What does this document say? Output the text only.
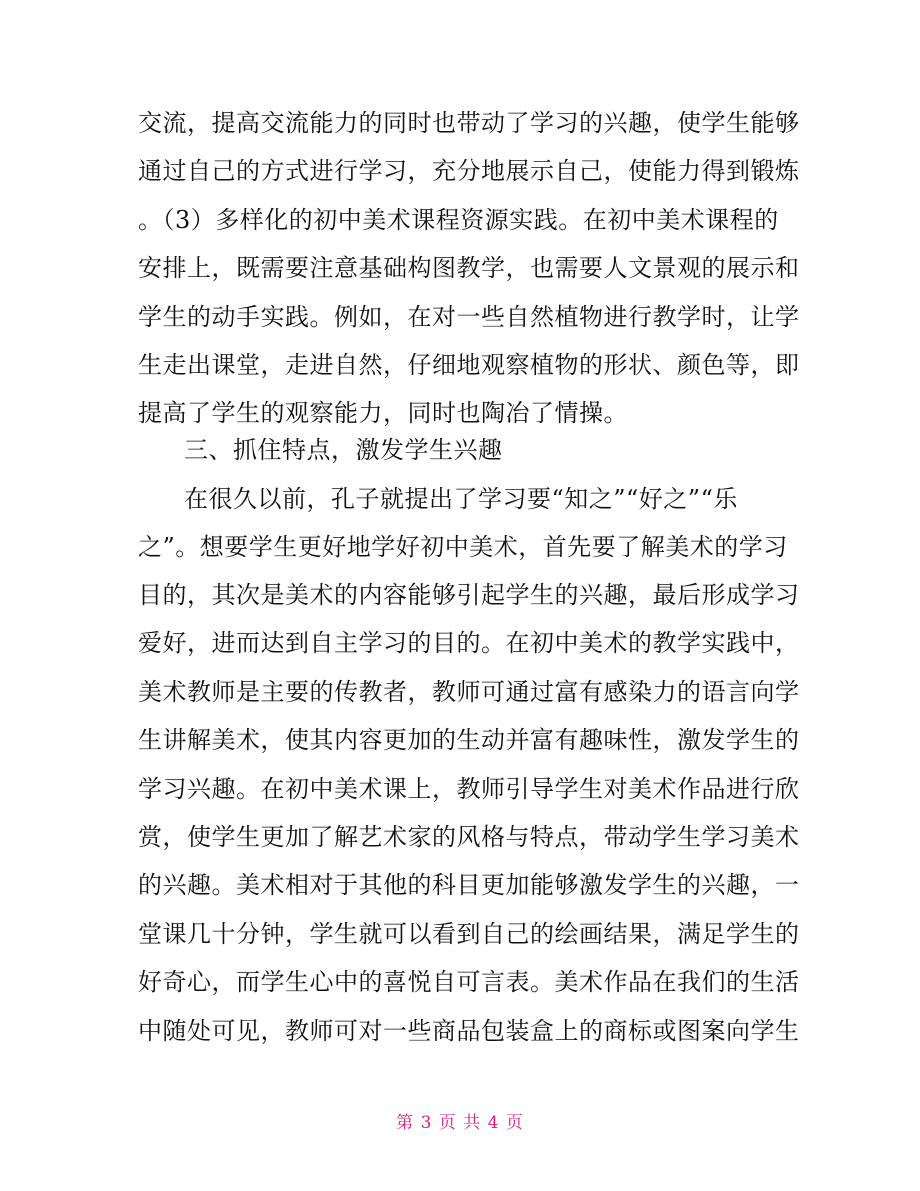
交流，提高交流能力的同时也带动了学习的兴趣，使学生能够
通过自己的方式进行学习，充分地展示自己，使能力得到锻炼
。（3）多样化的初中美术课程资源实践。在初中美术课程的
安排上，既需要注意基础构图教学，也需要人文景观的展示和
学生的动手实践。例如，在对一些自然植物进行教学时，让学
生走出课堂，走进自然，仔细地观察植物的形状、颜色等，即
提高了学生的观察能力，同时也陶冶了情操。
三、抓住特点，激发学生兴趣
在很久以前，孔子就提出了学习要“知之”“好之”“乐
之”。想要学生更好地学好初中美术，首先要了解美术的学习
目的，其次是美术的内容能够引起学生的兴趣，最后形成学习
爱好，进而达到自主学习的目的。在初中美术的教学实践中，
美术教师是主要的传教者，教师可通过富有感染力的语言向学
生讲解美术，使其内容更加的生动并富有趣味性，激发学生的
学习兴趣。在初中美术课上，教师引导学生对美术作品进行欣
赏，使学生更加了解艺术家的风格与特点，带动学生学习美术
的兴趣。美术相对于其他的科目更加能够激发学生的兴趣，一
堂课几十分钟，学生就可以看到自己的绘画结果，满足学生的
好奇心，而学生心中的喜悦自可言表。美术作品在我们的生活
中随处可见，教师可对一些商品包装盒上的商标或图案向学生
第 3 页 共 4 页
